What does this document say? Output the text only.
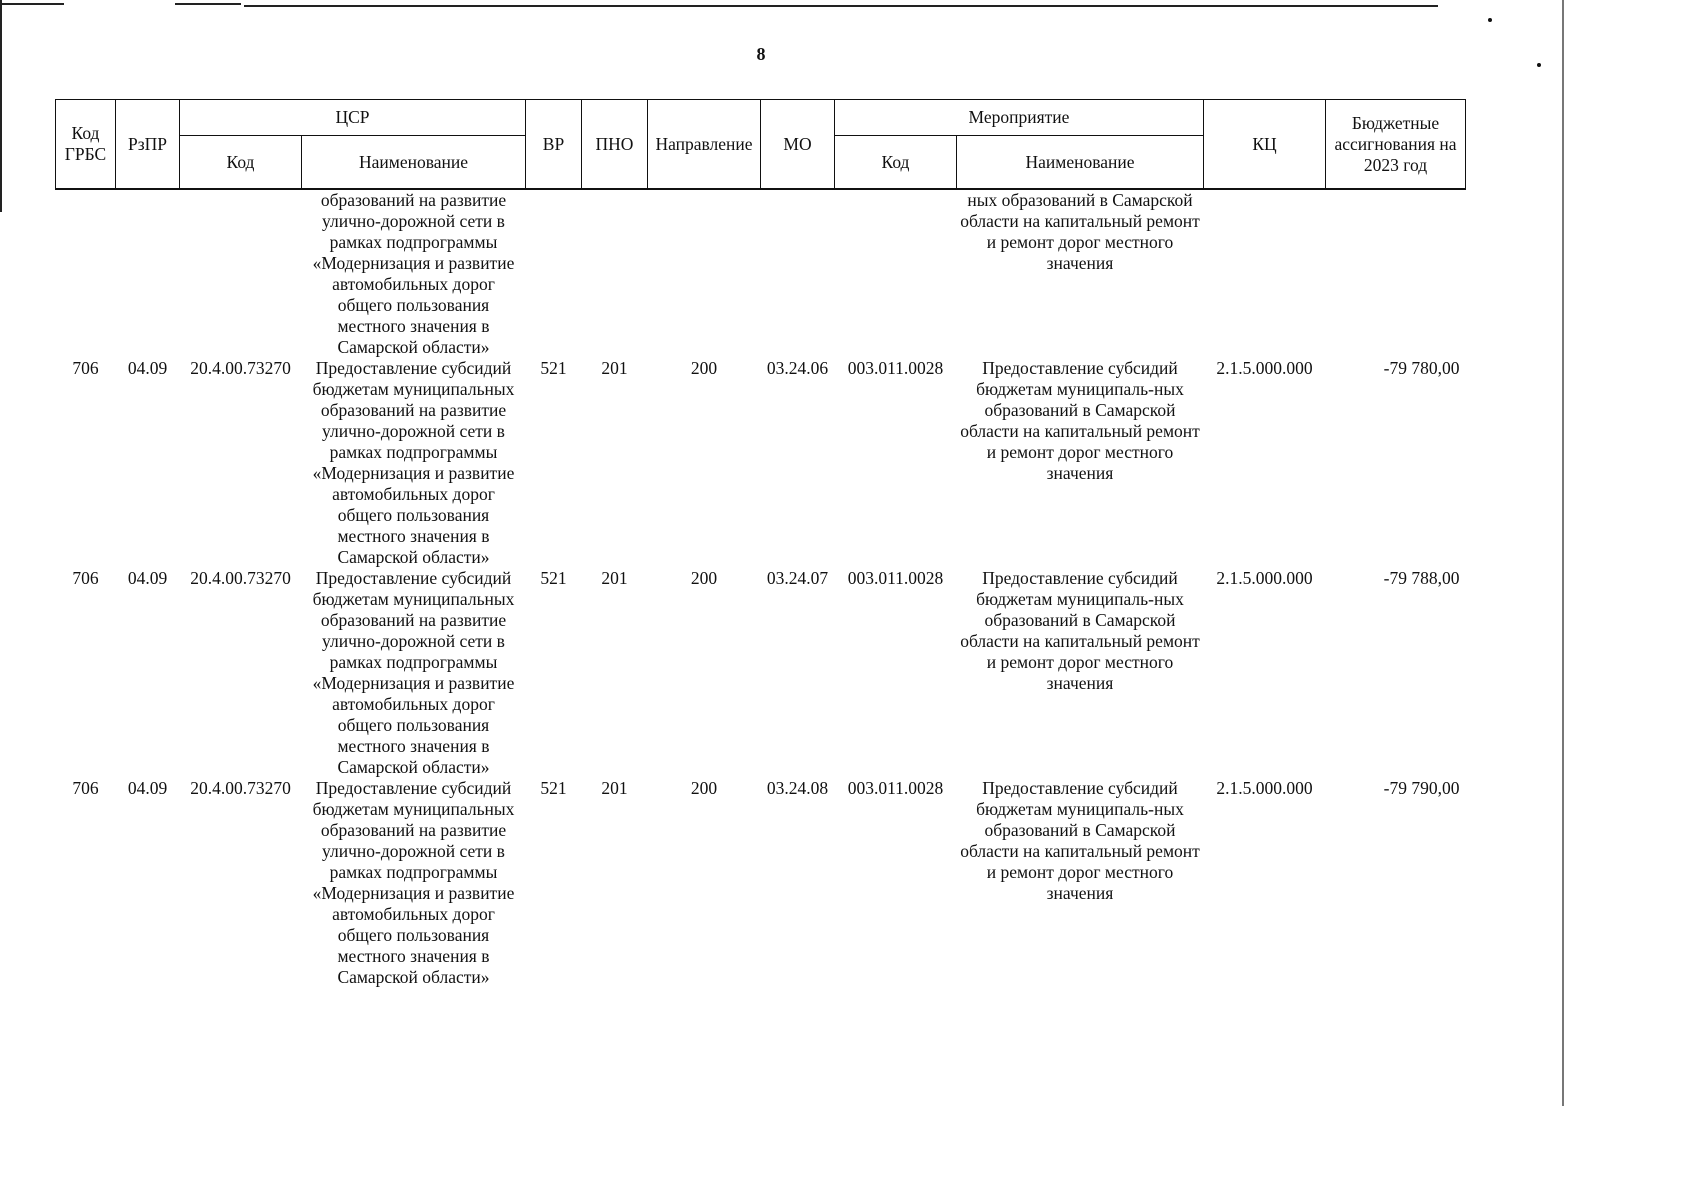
8
Код ГРБС	РзПР	ЦСР		ВР	ПНО	Направление	МО	Мероприятие		КЦ	Бюджетные ассигнования на 2023 год
		Код	Наименование					Код	Наименование		
			образований на развитие улично-дорожной сети в рамках подпрограммы «Модернизация и развитие автомобильных дорог общего пользования местного значения в Самарской области»						ных образований в Самарской области на капитальный ремонт и ремонт дорог местного значения		
706	04.09	20.4.00.73270	Предоставление субсидий бюджетам муниципальных образований на развитие улично-дорожной сети в рамках подпрограммы «Модернизация и развитие автомобильных дорог общего пользования местного значения в Самарской области»	521	201	200	03.24.06	003.011.0028	Предоставление субсидий бюджетам муниципаль-ных образований в Самарской области на капитальный ремонт и ремонт дорог местного значения	2.1.5.000.000	-79 780,00
706	04.09	20.4.00.73270	Предоставление субсидий бюджетам муниципальных образований на развитие улично-дорожной сети в рамках подпрограммы «Модернизация и развитие автомобильных дорог общего пользования местного значения в Самарской области»	521	201	200	03.24.07	003.011.0028	Предоставление субсидий бюджетам муниципаль-ных образований в Самарской области на капитальный ремонт и ремонт дорог местного значения	2.1.5.000.000	-79 788,00
706	04.09	20.4.00.73270	Предоставление субсидий бюджетам муниципальных образований на развитие улично-дорожной сети в рамках подпрограммы «Модернизация и развитие автомобильных дорог общего пользования местного значения в Самарской области»	521	201	200	03.24.08	003.011.0028	Предоставление субсидий бюджетам муниципаль-ных образований в Самарской области на капитальный ремонт и ремонт дорог местного значения	2.1.5.000.000	-79 790,00
